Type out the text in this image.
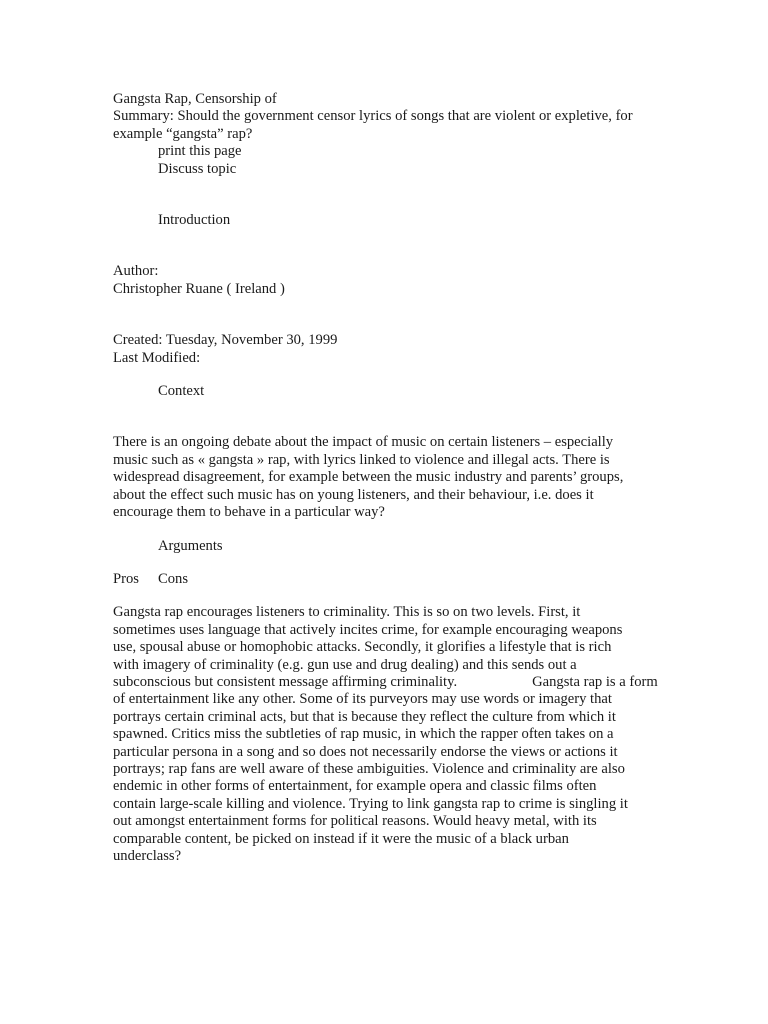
Gangsta Rap, Censorship of
Summary: Should the government censor lyrics of songs that are violent or expletive, for
example “gangsta” rap?
print this page
Discuss topic
Introduction
Author:
Christopher Ruane ( Ireland )
Created: Tuesday, November 30, 1999
Last Modified:
Context
There is an ongoing debate about the impact of music on certain listeners – especially
music such as « gangsta » rap, with lyrics linked to violence and illegal acts. There is
widespread disagreement, for example between the music industry and parents’ groups,
about the effect such music has on young listeners, and their behaviour, i.e. does it
encourage them to behave in a particular way?
Arguments
Pros Cons
Gangsta rap encourages listeners to criminality. This is so on two levels. First, it
sometimes uses language that actively incites crime, for example encouraging weapons
use, spousal abuse or homophobic attacks. Secondly, it glorifies a lifestyle that is rich
with imagery of criminality (e.g. gun use and drug dealing) and this sends out a
subconscious but consistent message affirming criminality.	Gangsta rap is a form
of entertainment like any other. Some of its purveyors may use words or imagery that
portrays certain criminal acts, but that is because they reflect the culture from which it
spawned. Critics miss the subtleties of rap music, in which the rapper often takes on a
particular persona in a song and so does not necessarily endorse the views or actions it
portrays; rap fans are well aware of these ambiguities. Violence and criminality are also
endemic in other forms of entertainment, for example opera and classic films often
contain large-scale killing and violence. Trying to link gangsta rap to crime is singling it
out amongst entertainment forms for political reasons. Would heavy metal, with its
comparable content, be picked on instead if it were the music of a black urban
underclass?
